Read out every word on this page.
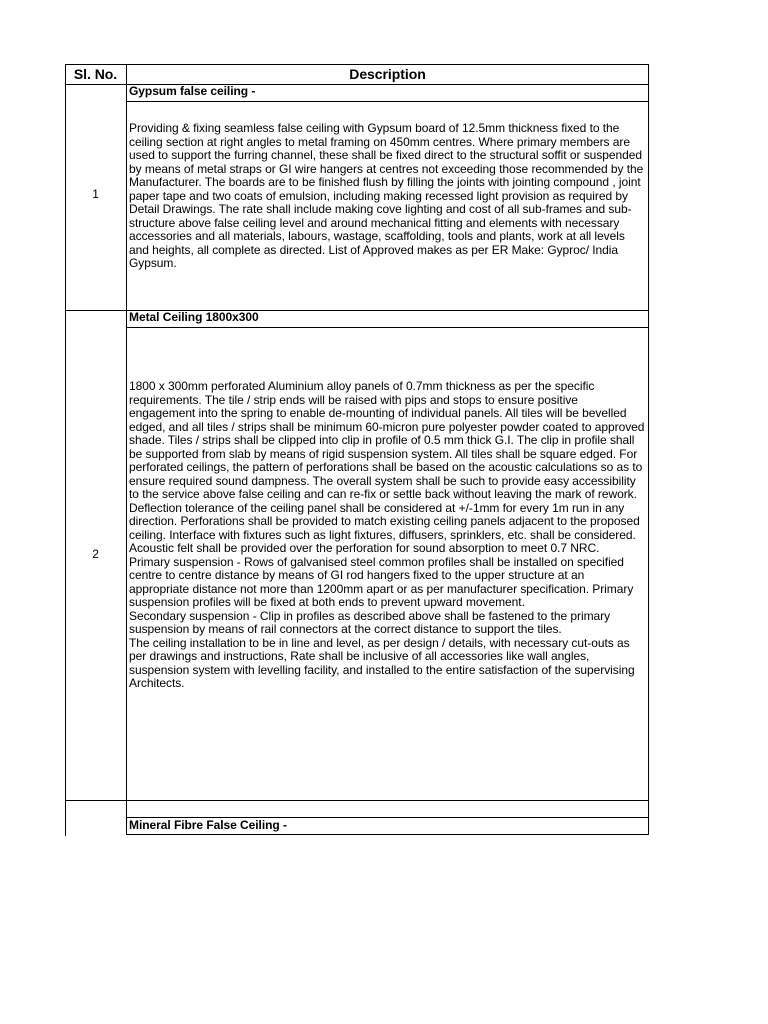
Sl. No.	Description
1
Gypsum false ceiling -

Providing & fixing seamless false ceiling with Gypsum board of 12.5mm thickness fixed to the ceiling section at right angles to metal framing on 450mm centres. Where primary members are used to support the furring channel, these shall be fixed direct to the structural soffit or suspended by means of metal straps or GI wire hangers at centres not exceeding those recommended by the Manufacturer. The boards are to be finished flush by filling the joints with jointing compound , joint paper tape and two coats of emulsion, including making recessed light provision as required by Detail Drawings. The rate shall include making cove lighting and cost of all sub-frames and sub-structure above false ceiling level and around mechanical fitting and elements with necessary accessories and all materials, labours, wastage, scaffolding, tools and plants, work at all levels and heights, all complete as directed. List of Approved makes as per ER Make: Gyproc/ India Gypsum.

2
Metal Ceiling 1800x300

1800 x 300mm perforated Aluminium alloy panels of 0.7mm thickness as per the specific requirements. The tile / strip ends will be raised with pips and stops to ensure positive engagement into the spring to enable de-mounting of individual panels. All tiles will be bevelled edged, and all tiles / strips shall be minimum 60-micron pure polyester powder coated to approved shade. Tiles / strips shall be clipped into clip in profile of 0.5 mm thick G.I. The clip in profile shall be supported from slab by means of rigid suspension system. All tiles shall be square edged. For perforated ceilings, the pattern of perforations shall be based on the acoustic calculations so as to ensure required sound dampness. The overall system shall be such to provide easy accessibility to the service above false ceiling and can re-fix or settle back without leaving the mark of rework. Deflection tolerance of the ceiling panel shall be considered at +/-1mm for every 1m run in any direction. Perforations shall be provided to match existing ceiling panels adjacent to the proposed ceiling. Interface with fixtures such as light fixtures, diffusers, sprinklers, etc. shall be considered. Acoustic felt shall be provided over the perforation for sound absorption to meet 0.7 NRC.

Primary suspension - Rows of galvanised steel common profiles shall be installed on specified centre to centre distance by means of GI rod hangers fixed to the upper structure at an appropriate distance not more than 1200mm apart or as per manufacturer specification. Primary suspension profiles will be fixed at both ends to prevent upward movement.

Secondary suspension - Clip in profiles as described above shall be fastened to the primary suspension by means of rail connectors at the correct distance to support the tiles.

The ceiling installation to be in line and level, as per design / details, with necessary cut-outs as per drawings and instructions, Rate shall be inclusive of all accessories like wall angles, suspension system with levelling facility, and installed to the entire satisfaction of the supervising Architects.

Mineral Fibre False Ceiling -
